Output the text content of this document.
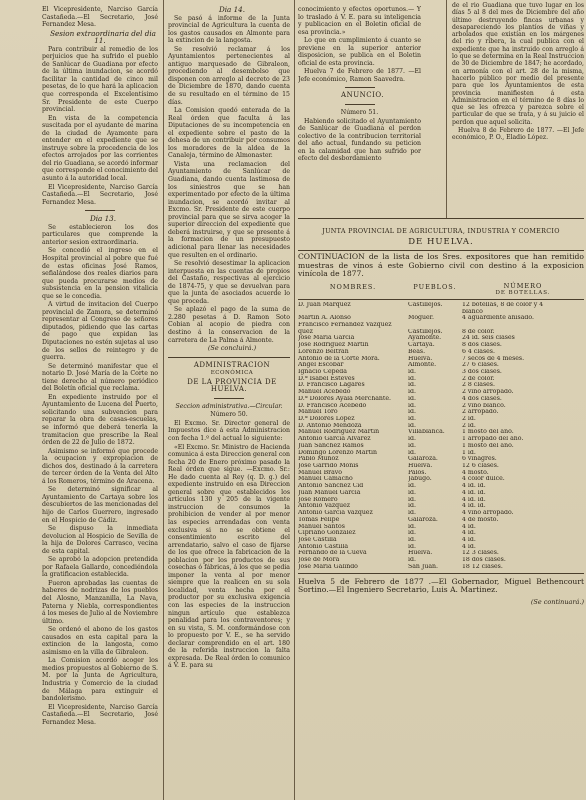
El Vicepresidente, Narciso García Castañeda.—El Secretario, José Fernandez Mesa.

Sesion extraordinaria del dia 11.

Para contribuir al remedio de los perjuicios que ha sufrido el pueblo de Sanlúcar de Guadiana por efecto de la última inundacion, se acordó facilitar la cantidad de cinco mil pesetas, de lo que hará la aplicacion que corresponda el Excelentísimo Sr. Presidente de este Cuerpo provincial.

En vista de la competencia suscitada por el ayudante de marina de la ciudad de Ayamonte para entender en el expediente que se instruye sobre la procedencia de los efectos arrojados por las corrientes del rio Guadiana, se acordó informar que corresponde el conocimiento del asunto á la autoridad local.

El Vicepresidente, Narciso García Castañeda.—El Secretario, José Fernandez Mesa.

Dia 13.

Se establecieron los dos particulares que comprende la anterior sesion extraordinaria.

Se concedió el ingreso en el Hospital provincial al pobre que fué de estas oficinas José Ramos, sefialándose dos reales diarios para que pueda procurarse medios de subsistencia en la pension vitalicia que se le concedia.

A virtud de invitacion del Cuerpo provincial de Zamora, se determinó representar al Congreso de señores diputados, pidiendo que las cartas de pago que expidan las Diputaciones no estén sujetas al uso de los sellos de reintegro y de guerra.

Se determinó manifestar que el notario D. José María de la Corte no tiene derecho al número periódico del Boletín oficial que reclama.

En expediente instruido por el Ayuntamiento de Lucena del Puerto, solicitando una subvencion para reparar la obra de casas-escuelas, se informó que deberá tenerla la tramitacion que prescribe la Real órden de 22 de Julio de 1872.

Asimismo se informó que procede la ocupacion y expropiacion de dichos dos, destinado á la carretera de tercer órden de la Venta del Alto á los Romeros, término de Aracena.

Se determinó significar al Ayuntamiento de Cartaya sobre los descubiertos de las mencionadas del hijo de Carlos Guerrero, ingresado en el Hospicio de Cádiz.

Se dispuso la inmediata devolucion al Hospicio de Sevilla de la hija de Dolores Carrasco, vecina de esta capital.

Se aprobó la adopcion pretendida por Rafaela Gallardo, concediéndola la gratificacion establecida.

Fueron aprobadas las cuentas de haberes de nodrizas de los pueblos del Alosno, Manzanilla, La Nava, Paterna y Niebla, correspondientes á los meses de Julio al de Noviembre último.

Se ordenó el abono de los gastos causados en esta capital para la extincion de la langosta, como asimismo en la villa de Gibraleon.

La Comision acordó acoger los medios propuestos al Gobierno de S. M. por la Junta de Agricultura, Industria y Comercio de la ciudad de Málaga para extinguir el bandolerismo.

El Vicepresidente, Narciso García Castañeda.—El Secretario, José Fernandez Mesa.

Dia 14.

Se pasó á informe de la Junta provincial de Agricultura la cuenta de los gastos causados en Almonte para la extincion de la langosta.

Se resolvió reclamar á los Ayuntamientos pertenecientes al antiguo marquesado de Gibraleon, procediendo al desembolso que disponen con arreglo al decreto de 23 de Diciembre de 1870, dando cuenta de su resultado en el término de 15 días.

La Comision quedó enterada de la Real órden que faculta á las Diputaciones de su incompetencia en el expediente sobre el pasto de la dehesa de un contribuir por consumos los moradores de la aldea de la Canaleja, término de Almonaster.

Vista una reclamacion del Ayuntamiento de Sanlúcar de Guadiana, dando cuenta lastimosa de los siniestros que se han experimentado por efecto de la última inundacion, se acordó invitar al Excmo. Sr. Presidente de este cuerpo provincial para que se sirva acoger la superior direccion del expediente que deberá instruirse, y que se presente á la formacion de un presupuesto adicional para llenar las necesidades que resulten en el ordinario.

Se resolvió desestimar la aplicacion interpuesta en las cuentas de propios del Castaño, respectivas al ejercicio de 1874-75, y que se devuelvan para que la junta de asociados acuerde lo que proceda.

Se aplazó el pago de la suma de 2.280 pesetas á D. Ramon Soto Cobian al acopio de piedra con destino á la conservacion de la carretera de La Palma á Almonte.

(Se concluirá.)

ADMINISTRACION

ECONÓMICA

DE LA PROVINCIA DE HUELVA.

Seccion administrativa.—Circular.

Número 50.

El Excmo. Sr. Director general de Impuestos dice á esta Administracion con fecha 1.º del actual lo siguiente:

«El Excmo. Sr. Ministro de Hacienda comunica á esta Direccion general con fecha 20 de Enero próximo pasado la Real órden que sigue. —Excmo. Sr.: He dado cuenta al Rey (q. D. g.) del expediente instruido en esa Direccion general sobre que establecidos los artículos 130 y 205 de la vigente instruccion de consumos la prohibicion de vender al por menor las especies arrendadas con venta exclusiva si no se obtiene el consentimiento escrito del arrendatario, salvo el caso de fijarse de los que ofrece la fabricacion de la poblacion por los productos de sus cosechas ó fábricas, á los que se pedia imponer la venta al por menor siempre que la realicen en su sola localidad, venta hecha por el productor por su exclusiva exigencia con las especies de la instruccion ningun artículo que establezca penalidad para los contraventores; y en su vista, S. M. conformándose con lo propuesto por V. E., se ha servido declarar comprendido en el art. 180 de la referida instruccion la falta expresada. De Real órden lo comunico á V. E. para su

conocimiento y efectos oportunos.— Y lo traslado á V. E. para su inteligencia y publicacion en el Boletin oficial de esa provincia.»

Lo que en cumplimiento á cuanto se previene en la superior anterior disposicion, se publica en el Boletin oficial de esta provincia.

Huelva 7 de Febrero de 1877. —El Jefe económico, Ramon Saavedra.

ANUNCIO.

Número 51.

Habiendo solicitado el Ayuntamiento de Sanlúcar de Guadiana el perdon colectivo de la contribucion territorial del año actual, fundando su peticion en la calamidad que han sufrido por efecto del desbordamiento

de el rio Guadiana que tuvo lugar en los días 5 al 8 del mes de Diciembre del año último destruyendo fincas urbanas y desapareciendo los plantíos de viñas y arbolados que existían en los márgenes del rio y ribera, la cual publica con el expediente que ha instruido con arreglo á lo que se determina en la Real Instruccion de 30 de Diciembre de 1847; he acordado, en armonía con el art. 28 de la misma, hacerlo público por medio del presente para que los Ayuntamientos de esta provincia manifiesten á esta Administracion en el término de 8 días lo que se les ofrezca y parezca sobre el particular de que se trata, y á su juicio el perdon que aquel solicita.

Huelva 8 de Febrero de 1877. —El Jefe económico, P. O., Eladio López.

JUNTA PROVINCIAL DE AGRICULTURA, INDUSTRIA Y COMERCIO
DE HUELVA.
CONTINUACION de la lista de los Sres. expositores que han remitido muestras de vinos á este Gobierno civil con destino á la exposicion vinícola de 1877.
NOMBRES.	PUEBLOS.	NÚMERO
DE BOTELLAS.
D. Juan Marquez	Castillejos.	12 botellas, 8 de color y 4
blanco
Martin A. Alonso	Moguer.	4 aguardiente anisado.
Francisco Fernandez Vazquez
quez	Castillejos.	8 de color.
José María García	Ayamonte.	24 id. seis clases
José Rodriguez Martin	Cartaya.	8 dos clases.
Lorenzo Beltran	Beas.	6 4 clases.
Antonio de la Córte Mora.	Huelva.	7 secos de 4 meses.
Angel Escobar	Almonte.	27 6 clases.
Ignacio Cepeda	id.	3 dos clases.
D.ª Isabel Esteves	id.	2 de color.
D. Francisco Lagares	id.	2 8 clases.
Manuel Acebedo	id.	2 vino arropado.
D.ª Dolores Ayala Merchante.	id.	4 dos clases.
D. Francisco Acebedo	id.	2 vino blanco.
Manuel Toro	id.	2 arropado.
D.ª Dolores Lopez	id.	2 id.
D. Antonio Mendoza	id.	2 id.
Manuel Rodriguez Martin	Villablanca.	1 mosto del año.
Antonio García Álvarez	id.	1 arropado del año.
Juan Sanchez Ramos	id.	1 mosto del año.
Domingo Lorenzo Martin	id.	1 id.
Pablo Muñoz	Galaroza.	6 vinagres.
José Garrido Monís	Huelva.	12 6 clases.
Manuel Bravo	Palos.	4 mosto.
Manuel Camacho	Jabugo.	4 color dulce.
Antonio Sanchez Cid	id.	4 id. id.
Juan Manuel García	id.	4 id. id.
José Romero	id.	4 id. id.
Antonio Vazquez	id.	4 id. id.
Antonio García Vazquez	id.	4 vino arropado.
Tomás Felipe	Galaroza.	4 de mosto.
Manuel Santos	id.	4 id.
Cipriano Gonzalez	id.	4 id.
José Castilla	id.	4 id.
Antonio Castilla	id.	4 id.
Fernando de la Cueva	Huelva.	12 3 clases.
José de Mora	id.	18 dos clases.
José María Galindo	San Juan.	18 12 clases.
Huelva 5 de Febrero de 1877 .—El Gobernador, Miguel Bethencourt Sortino.—El Ingeniero Secretario, Luis A. Martinez.
(Se continuará.)
